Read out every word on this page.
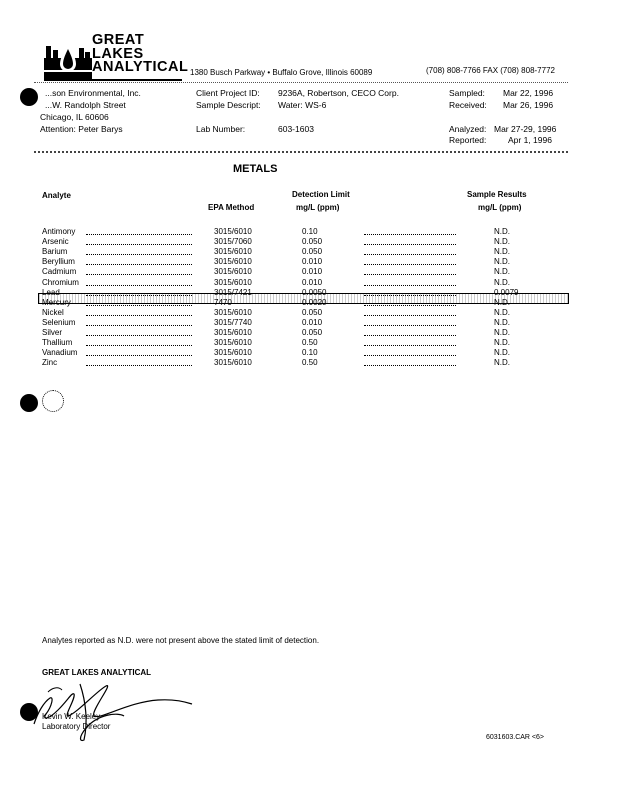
GREAT
LAKES
ANALYTICAL 1380 Busch Parkway • Buffalo Grove, Illinois 60089	(708) 808-7766 FAX (708) 808-7772
...son Environmental, Inc.
...W. Randolph Street
Chicago, IL 60606
Attention: Peter Barys
Client Project ID: 9236A, Robertson, CECO Corp.
Sample Descript: Water: WS-6
Lab Number:	603-1603
Sampled: Mar 22, 1996
Received: Mar 26, 1996
Analyzed: Mar 27-29, 1996
Reported:	Apr 1, 1996
METALS
Analyte
EPA Method
Detection Limit
mg/L (ppm)
Sample Results
mg/L (ppm)
Antimony	3015/6010	0.10	N.D.
Arsenic	3015/7060	0.050	N.D.
Barium	3015/6010	0.050	N.D.
Beryllium	3015/6010	0.010	N.D.
Cadmium	3015/6010	0.010	N.D.
Chromium	3015/6010	0.010	N.D.
Lead	3015/7421	0.0050	0.0079
Mercury	7470	0.0020	N.D.
Nickel	3015/6010	0.050	N.D.
Selenium	3015/7740	0.010	N.D.
Silver	3015/6010	0.050	N.D.
Thallium	3015/6010	0.50	N.D.
Vanadium	3015/6010	0.10	N.D.
Zinc	3015/6010	0.50	N.D.
Analytes reported as N.D. were not present above the stated limit of detection.
GREAT LAKES ANALYTICAL
Kevin W. Keeley
Laboratory Director
6031603.CAR <6>
